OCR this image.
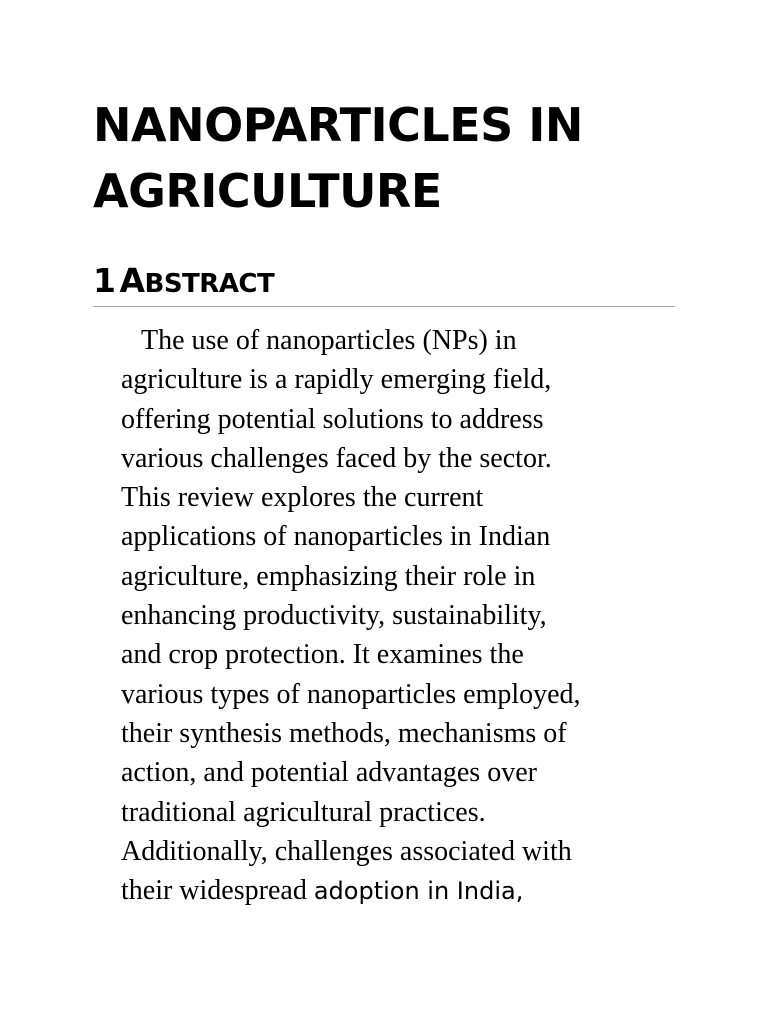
NANOPARTICLES IN
AGRICULTURE
1 ABSTRACT
The use of nanoparticles (NPs) in
agriculture is a rapidly emerging field,
offering potential solutions to address
various challenges faced by the sector.
This review explores the current
applications of nanoparticles in Indian
agriculture, emphasizing their role in
enhancing productivity, sustainability,
and crop protection. It examines the
various types of nanoparticles employed,
their synthesis methods, mechanisms of
action, and potential advantages over
traditional agricultural practices.
Additionally, challenges associated with
their widespread adoption in India,
